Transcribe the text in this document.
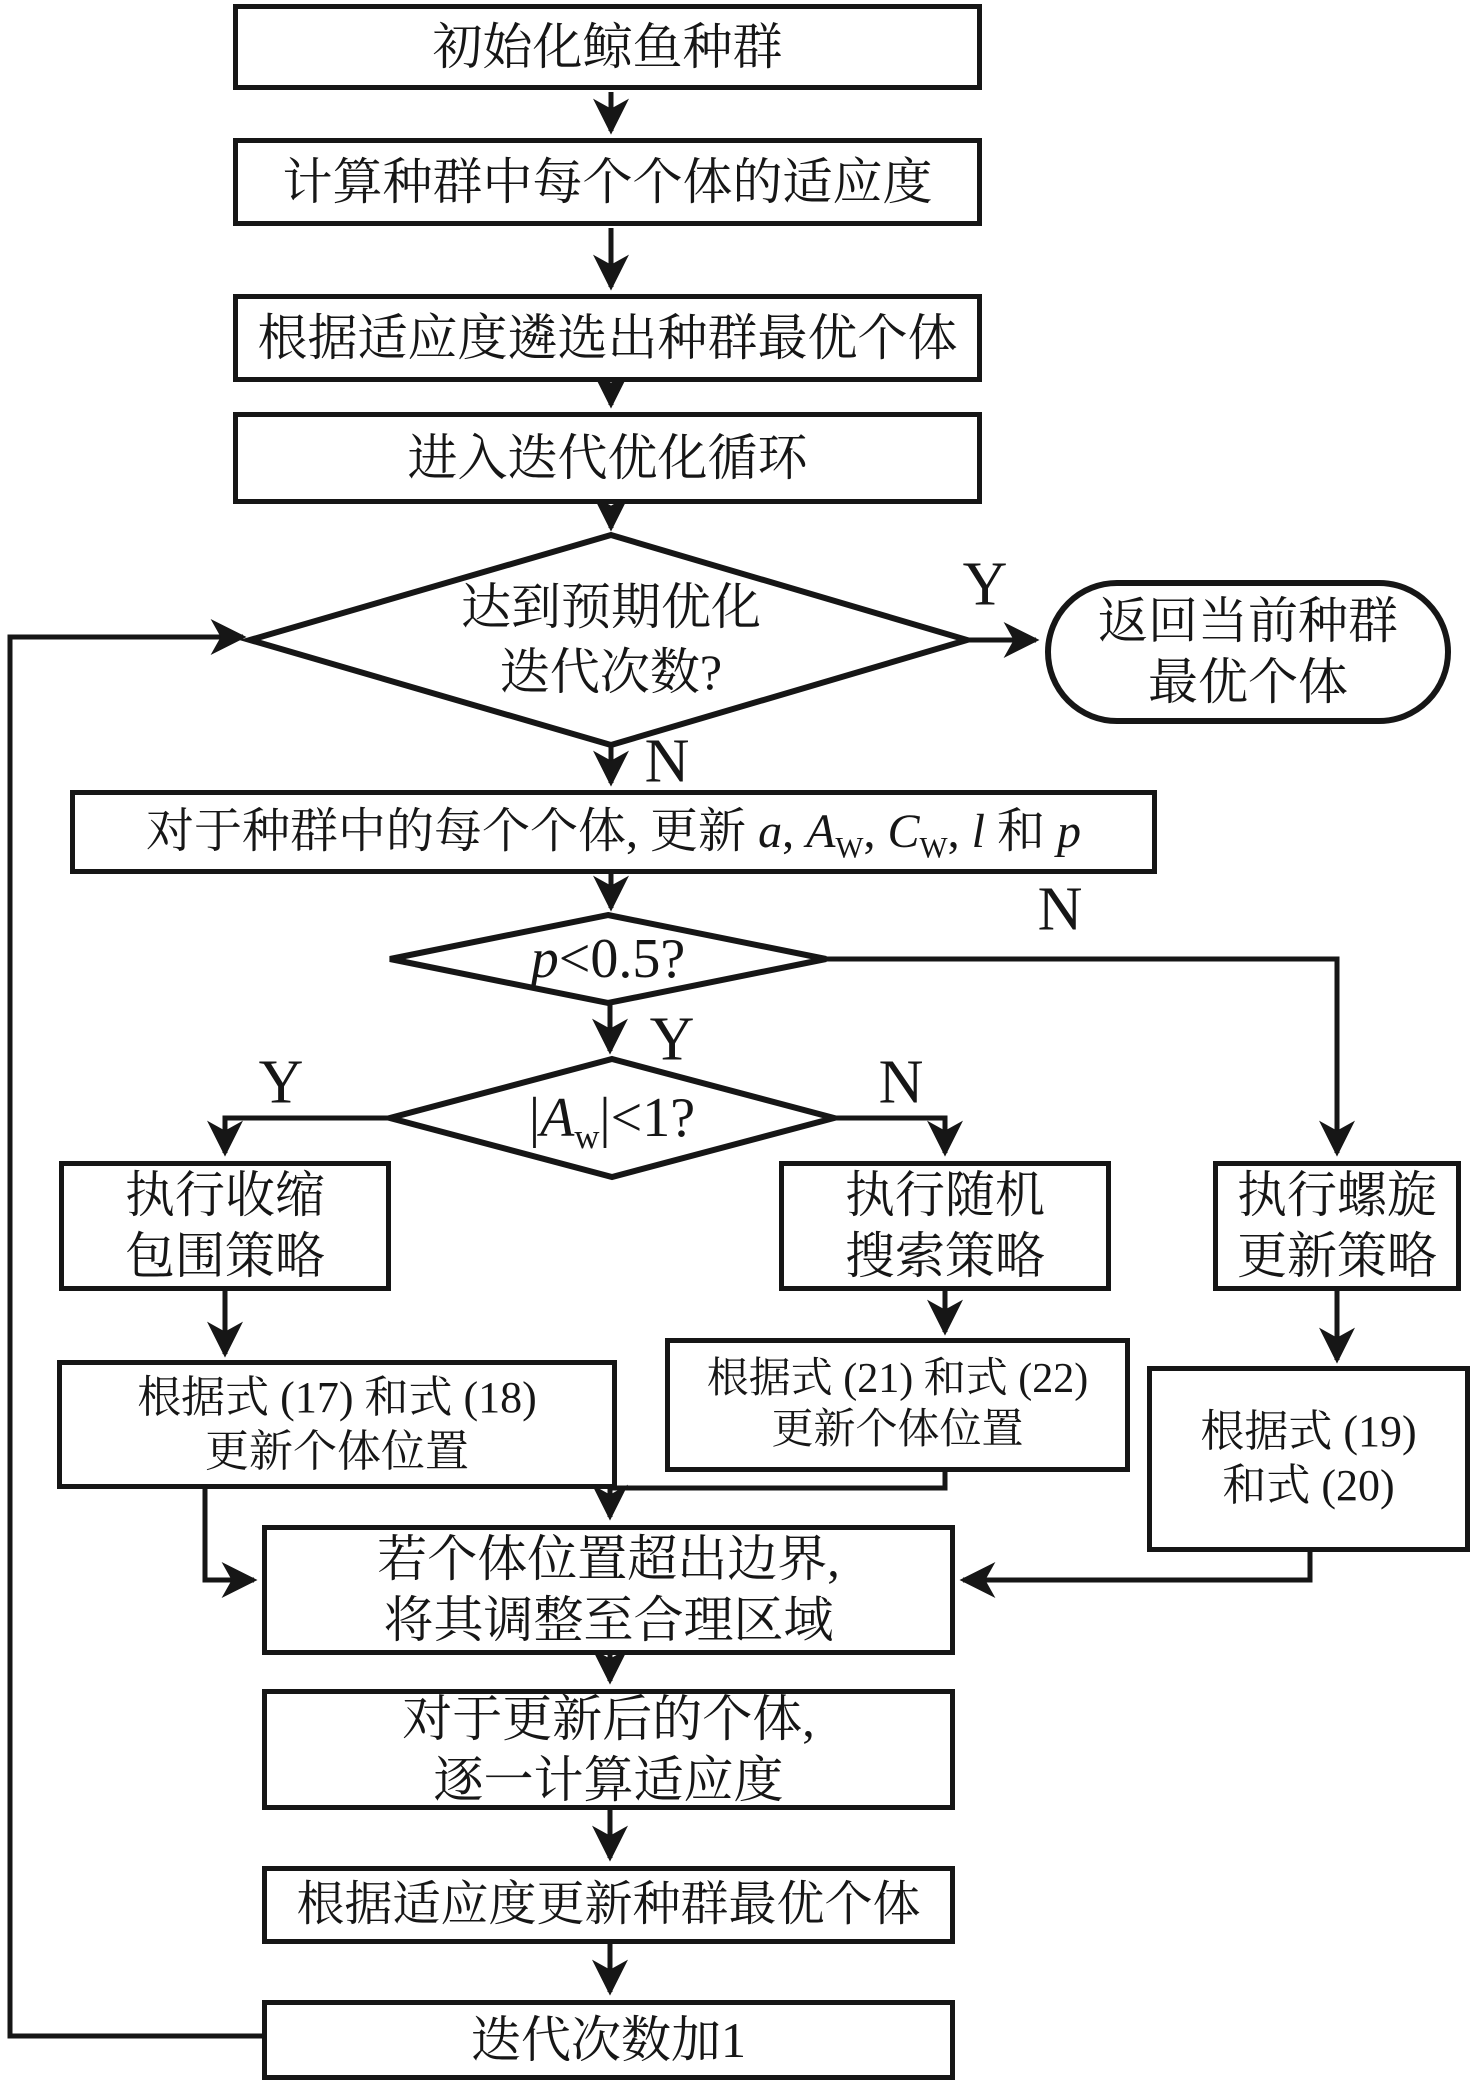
初始化鲸鱼种群
计算种群中每个个体的适应度
根据适应度遴选出种群最优个体
进入迭代优化循环
达到预期优化
迭代次数?
返回当前种群
最优个体
对于种群中的每个个体, 更新 a, $A_W$, $C_W$, l 和 p
p<0.5?
$|A_w|<1$?
执行收缩
包围策略
执行随机
搜索策略
执行螺旋
更新策略
根据式 (17) 和式 (18)
更新个体位置
根据式 (21) 和式 (22)
更新个体位置	根据式 (19)
和式 (20)
若个体位置超出边界,
将其调整至合理区域
对于更新后的个体,
逐一计算适应度
根据适应度更新种群最优个体
迭代次数加1
Y
N
N
Y
Y	N
